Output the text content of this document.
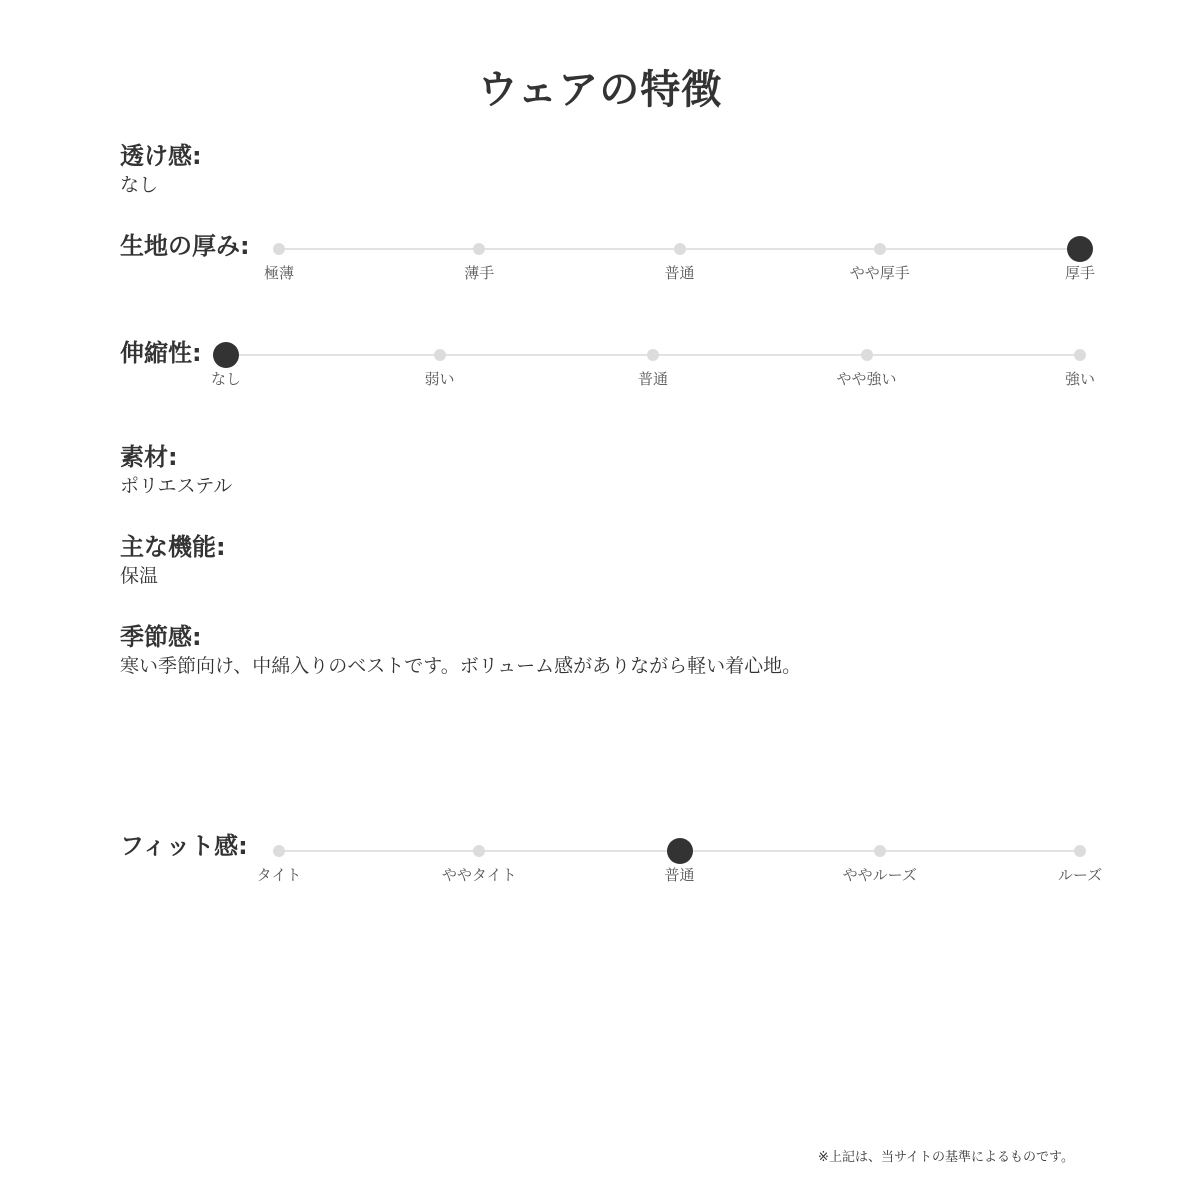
ウェアの特徴
透け感:
なし
生地の厚み:
極薄	薄手	普通	やや厚手	厚手
伸縮性:
なし	弱い	普通	やや強い	強い
素材:
ポリエステル
主な機能:
保温
季節感:
寒い季節向け、中綿入りのベストです。ボリューム感がありながら軽い着心地。
フィット感:
タイト	ややタイト	普通	ややルーズ	ルーズ
※上記は、当サイトの基準によるものです。
